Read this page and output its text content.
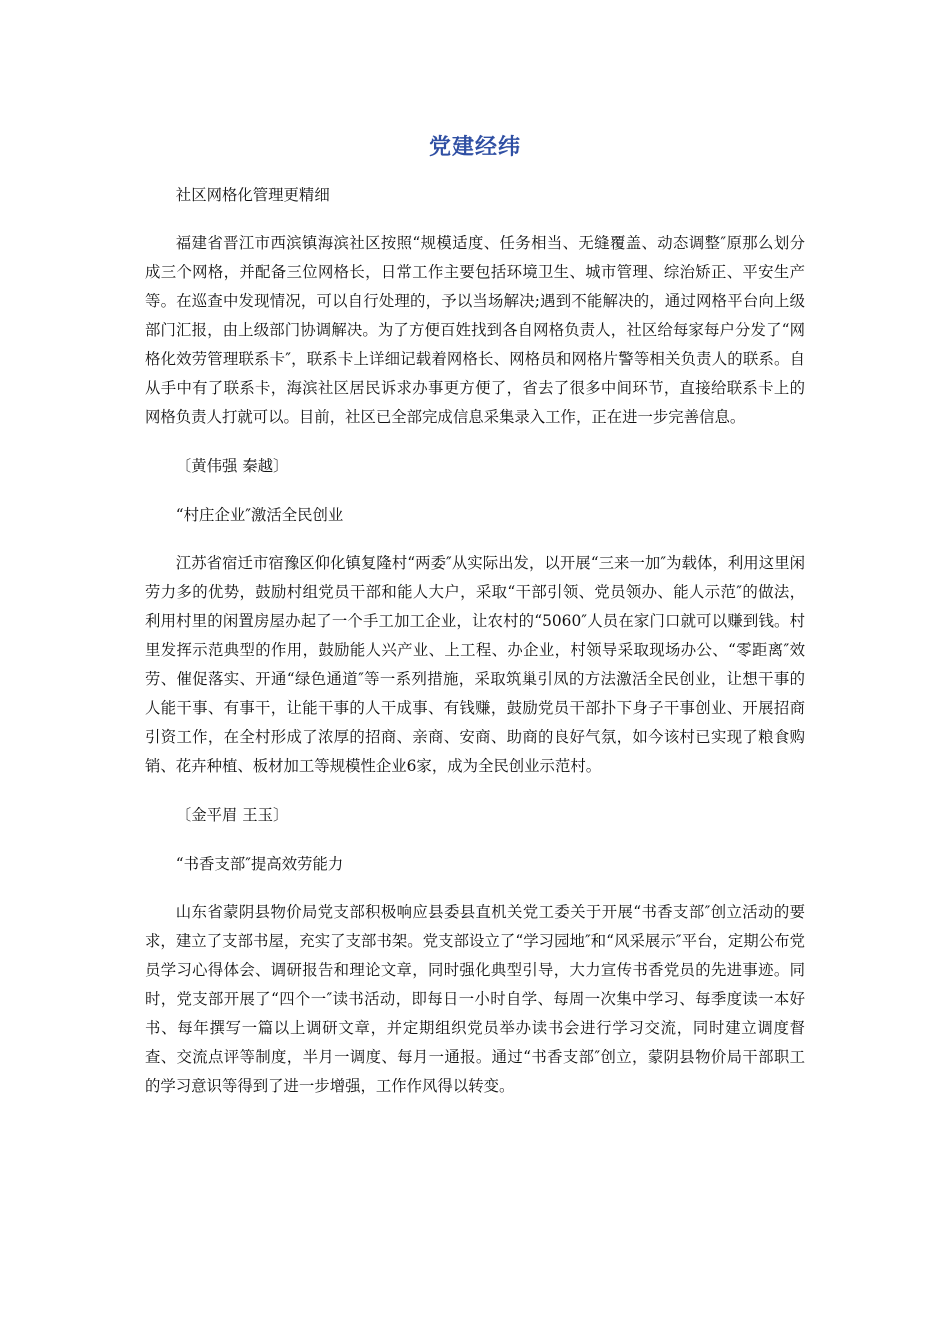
党建经纬

社区网格化管理更精细

福建省晋江市西滨镇海滨社区按照“规模适度、任务相当、无缝覆盖、动态调整″原那么划分成三个网格，并配备三位网格长，日常工作主要包括环境卫生、城市管理、综治矫正、平安生产等。在巡查中发现情况，可以自行处理的，予以当场解决;遇到不能解决的，通过网格平台向上级部门汇报，由上级部门协调解决。为了方便百姓找到各自网格负责人，社区给每家每户分发了“网格化效劳管理联系卡″，联系卡上详细记载着网格长、网格员和网格片警等相关负责人的联系。自从手中有了联系卡，海滨社区居民诉求办事更方便了，省去了很多中间环节，直接给联系卡上的网格负责人打就可以。目前，社区已全部完成信息采集录入工作，正在进一步完善信息。

〔黄伟强 秦越〕

“村庄企业″激活全民创业

江苏省宿迁市宿豫区仰化镇复隆村“两委″从实际出发，以开展“三来一加″为载体，利用这里闲劳力多的优势，鼓励村组党员干部和能人大户，采取“干部引领、党员领办、能人示范″的做法，利用村里的闲置房屋办起了一个手工加工企业，让农村的“5060″人员在家门口就可以赚到钱。村里发挥示范典型的作用，鼓励能人兴产业、上工程、办企业，村领导采取现场办公、“零距离″效劳、催促落实、开通“绿色通道″等一系列措施，采取筑巢引凤的方法激活全民创业，让想干事的人能干事、有事干，让能干事的人干成事、有钱赚，鼓励党员干部扑下身子干事创业、开展招商引资工作，在全村形成了浓厚的招商、亲商、安商、助商的良好气氛，如今该村已实现了粮食购销、花卉种植、板材加工等规模性企业6家，成为全民创业示范村。

〔金平眉 王玉〕

“书香支部″提高效劳能力

山东省蒙阴县物价局党支部积极响应县委县直机关党工委关于开展“书香支部″创立活动的要求，建立了支部书屋，充实了支部书架。党支部设立了“学习园地″和“风采展示″平台，定期公布党员学习心得体会、调研报告和理论文章，同时强化典型引导，大力宣传书香党员的先进事迹。同时，党支部开展了“四个一″读书活动，即每日一小时自学、每周一次集中学习、每季度读一本好书、每年撰写一篇以上调研文章，并定期组织党员举办读书会进行学习交流，同时建立调度督查、交流点评等制度，半月一调度、每月一通报。通过“书香支部″创立，蒙阴县物价局干部职工的学习意识等得到了进一步增强，工作作风得以转变。
